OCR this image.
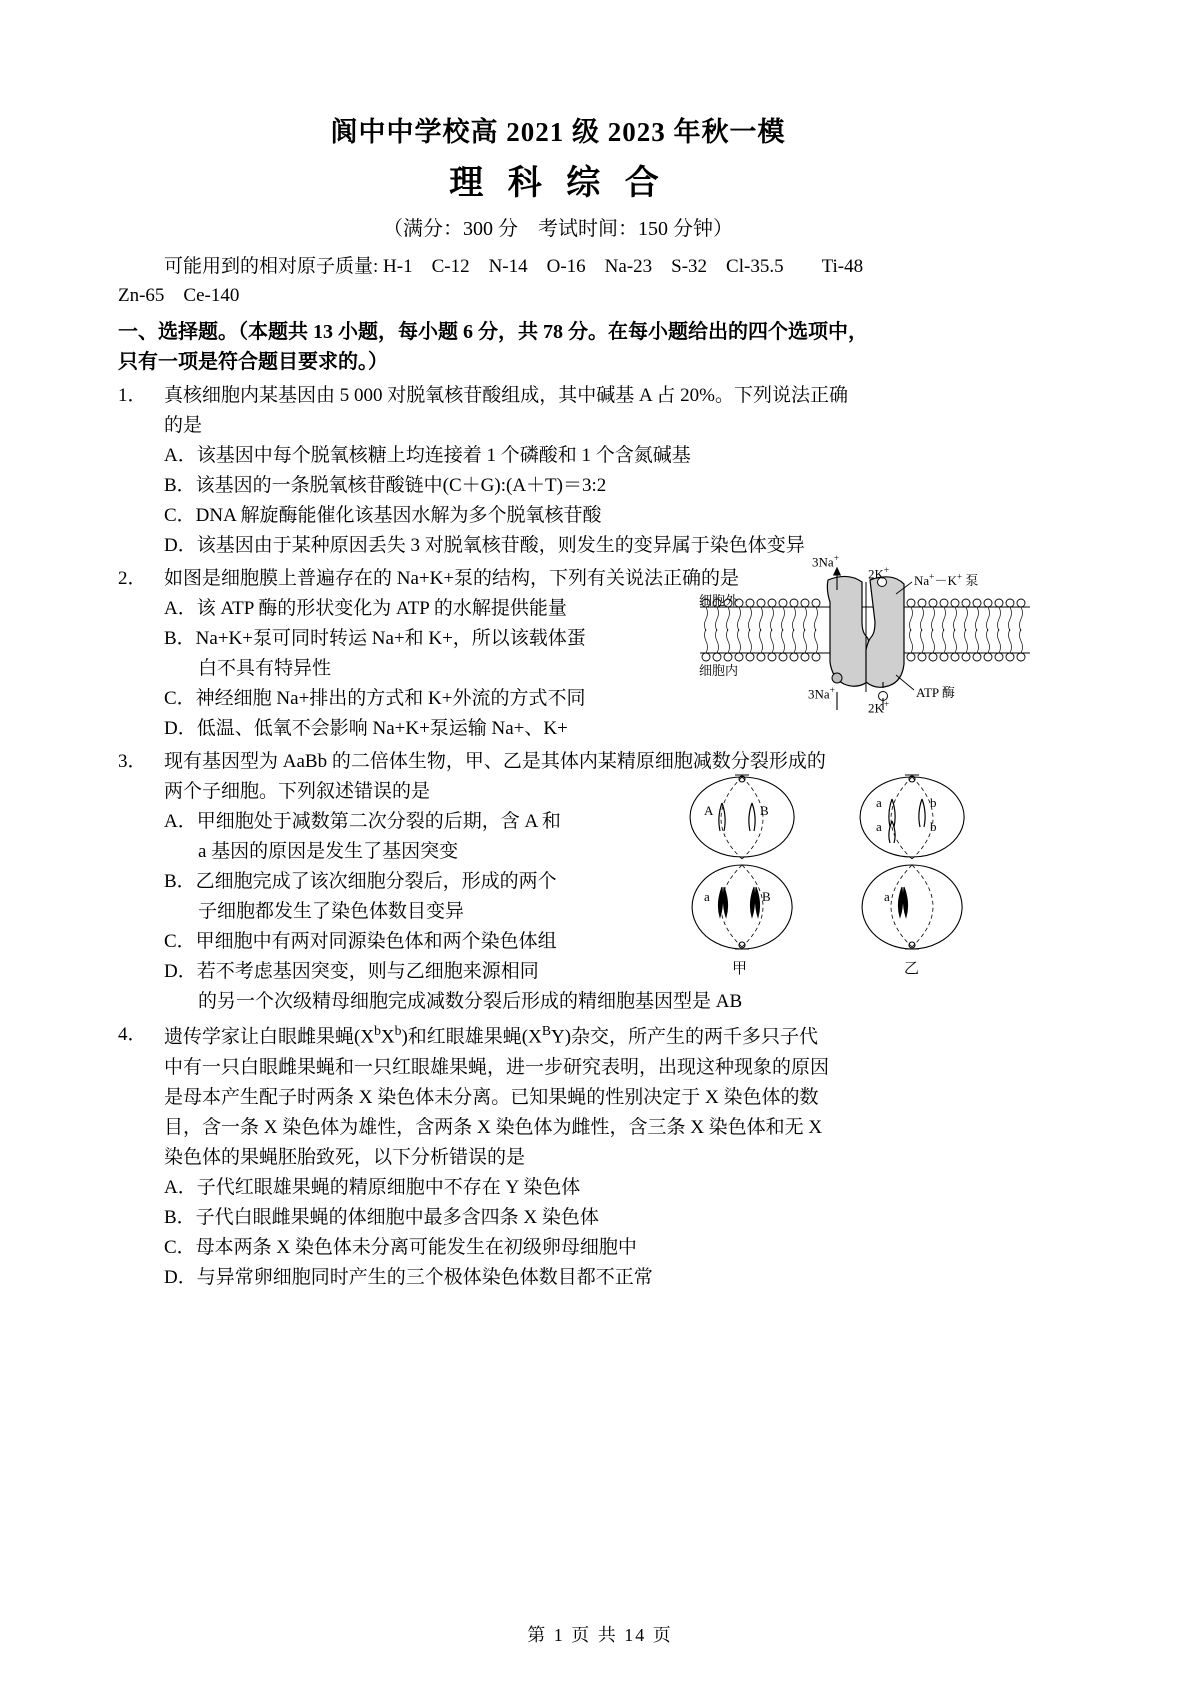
阆中中学校高 2021 级 2023 年秋一模
理 科 综 合
（满分：300 分　考试时间：150 分钟）
可能用到的相对原子质量: H-1　C-12　N-14　O-16　Na-23　S-32　Cl-35.5　　Ti-48
Zn-65　Ce-140
一、选择题。（本题共 13 小题，每小题 6 分，共 78 分。在每小题给出的四个选项中，
只有一项是符合题目要求的。）
1． 真核细胞内某基因由 5 000 对脱氧核苷酸组成，其中碱基 A 占 20%。下列说法正确
的是
A．该基因中每个脱氧核糖上均连接着 1 个磷酸和 1 个含氮碱基
B．该基因的一条脱氧核苷酸链中(C＋G):(A＋T)＝3:2
C．DNA 解旋酶能催化该基因水解为多个脱氧核苷酸
D．该基因由于某种原因丢失 3 对脱氧核苷酸，则发生的变异属于染色体变异
2． 如图是细胞膜上普遍存在的 Na+K+泵的结构，下列有关说法正确的是
A．该 ATP 酶的形状变化为 ATP 的水解提供能量
B．Na+K+泵可同时转运 Na+和 K+，所以该载体蛋
白不具有特异性
C．神经细胞 Na+排出的方式和 K+外流的方式不同
D．低温、低氧不会影响 Na+K+泵运输 Na+、K+
3． 现有基因型为 AaBb 的二倍体生物，甲、乙是其体内某精原细胞减数分裂形成的
两个子细胞。下列叙述错误的是
A．甲细胞处于减数第二次分裂的后期，含 A 和
a 基因的原因是发生了基因突变
B．乙细胞完成了该次细胞分裂后，形成的两个
子细胞都发生了染色体数目变异
C．甲细胞中有两对同源染色体和两个染色体组
D．若不考虑基因突变，则与乙细胞来源相同
的另一个次级精母细胞完成减数分裂后形成的精细胞基因型是 AB
4． 遗传学家让白眼雌果蝇$(X^bX^b)$和红眼雄果蝇$(X^BY)$杂交，所产生的两千多只子代
中有一只白眼雌果蝇和一只红眼雄果蝇，进一步研究表明，出现这种现象的原因
是母本产生配子时两条 X 染色体未分离。已知果蝇的性别决定于 X 染色体的数
目，含一条 X 染色体为雄性，含两条 X 染色体为雌性，含三条 X 染色体和无 X
染色体的果蝇胚胎致死，以下分析错误的是
A．子代红眼雄果蝇的精原细胞中不存在 Y 染色体
B．子代白眼雌果蝇的体细胞中最多含四条 X 染色体
C．母本两条 X 染色体未分离可能发生在初级卵母细胞中
D．与异常卵细胞同时产生的三个极体染色体数目都不正常
细胞外
细胞内
3Na+
2K+
3Na+
2K+
Na+－K+ 泵
ATP 酶
A	B
a	B
a	b
a	b
a
甲	乙
第 1 页 共 14 页
